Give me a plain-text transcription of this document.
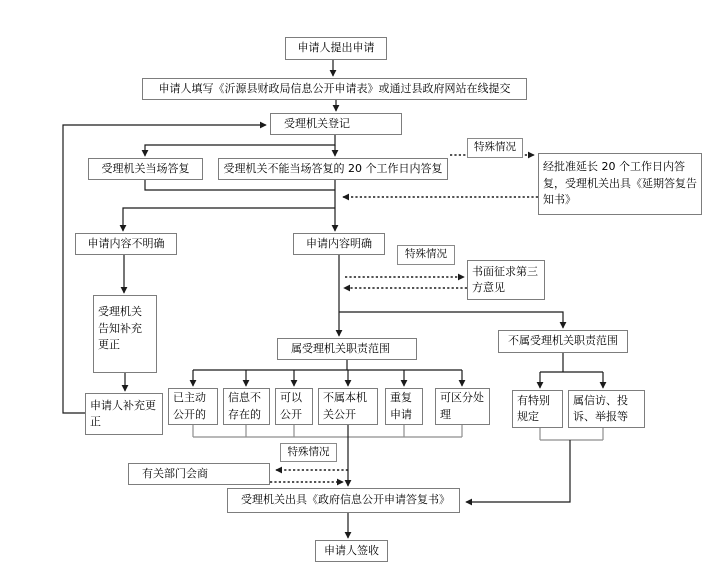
申请人提出申请
申请人填写《沂源县财政局信息公开申请表》或通过县政府网站在线提交
受理机关登记
受理机关当场答复	受理机关不能当场答复的 20 个工作日内答复
特殊情况
经批准延长 20 个工作日内答复，受理机关出具《延期答复告知书》
申请内容不明确	申请内容明确
特殊情况
书面征求第三方意见
受理机关告知补充更正
申请人补充更正
属受理机关职责范围
不属受理机关职责范围
已主动公开的
信息不存在的
可以公开
不属本机关公开
重复申请
可区分处理
有特别规定
属信访、投诉、举报等
特殊情况
有关部门会商
受理机关出具《政府信息公开申请答复书》
申请人签收
